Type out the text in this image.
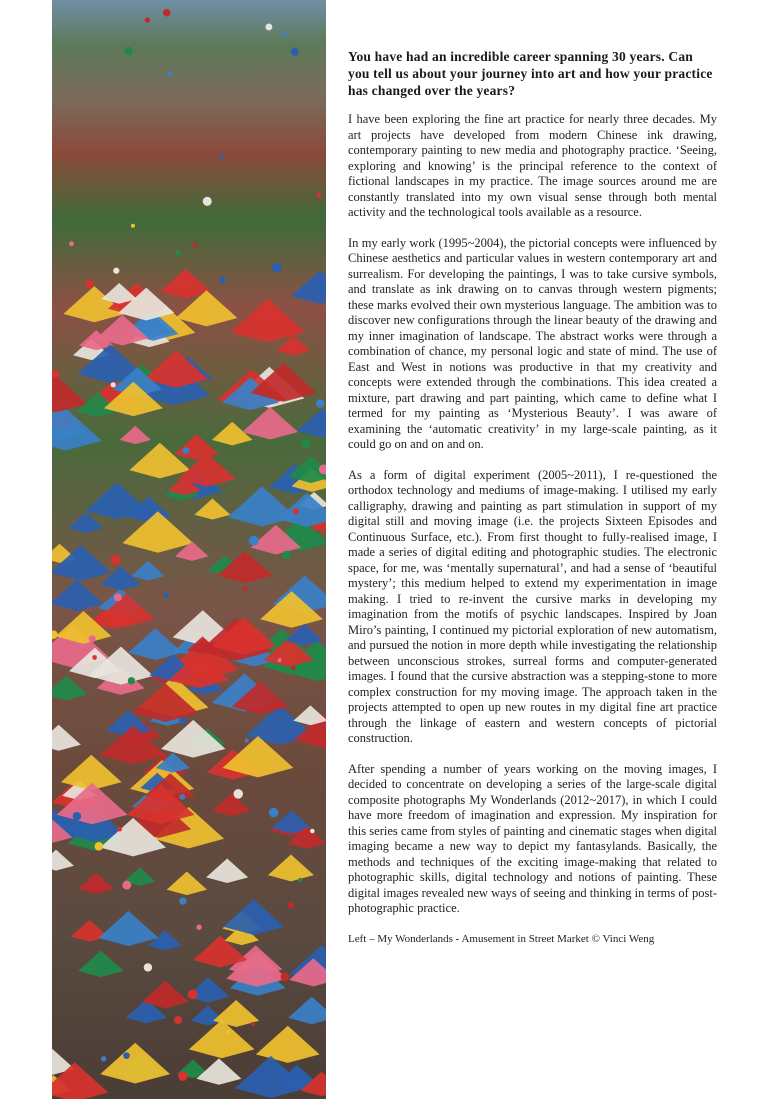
You have had an incredible career spanning 30 years. Can you tell us about your journey into art and how your practice has changed over the years?

I have been exploring the fine art practice for nearly three decades. My art projects have developed from modern Chinese ink drawing, contemporary painting to new media and photography practice. ‘Seeing, exploring and knowing’ is the principal reference to the context of fictional landscapes in my practice. The image sources around me are constantly translated into my own visual sense through both mental activity and the technological tools available as a resource.

In my early work (1995~2004), the pictorial concepts were influenced by Chinese aesthetics and particular values in western contemporary art and surrealism. For developing the paintings, I was to take cursive symbols, and translate as ink drawing on to canvas through western pigments; these marks evolved their own mysterious language. The ambition was to discover new configurations through the linear beauty of the drawing and my inner imagination of landscape. The abstract works were through a combination of chance, my personal logic and state of mind. The use of East and West in notions was productive in that my creativity and concepts were extended through the combinations. This idea created a mixture, part drawing and part painting, which came to define what I termed for my painting as ‘Mysterious Beauty’. I was aware of examining the ‘automatic creativity’ in my large-scale painting, as it could go on and on and on.

As a form of digital experiment (2005~2011), I re-questioned the orthodox technology and mediums of image-making. I utilised my early calligraphy, drawing and painting as part stimulation in support of my digital still and moving image (i.e. the projects Sixteen Episodes and Continuous Surface, etc.). From first thought to fully-realised image, I made a series of digital editing and photographic studies. The electronic space, for me, was ‘mentally supernatural’, and had a sense of ‘beautiful mystery’; this medium helped to extend my experimentation in image making. I tried to re-invent the cursive marks in developing my imagination from the motifs of psychic landscapes. Inspired by Joan Miro’s painting, I continued my pictorial exploration of new automatism, and pursued the notion in more depth while investigating the relationship between unconscious strokes, surreal forms and computer-generated images. I found that the cursive abstraction was a stepping-stone to more complex construction for my moving image. The approach taken in the projects attempted to open up new routes in my digital fine art practice through the linkage of eastern and western concepts of pictorial construction.

After spending a number of years working on the moving images, I decided to concentrate on developing a series of the large-scale digital composite photographs My Wonderlands (2012~2017), in which I could have more freedom of imagination and expression. My inspiration for this series came from styles of painting and cinematic stages when digital imaging became a new way to depict my fantasylands. Basically, the methods and techniques of the exciting image-making that related to photographic skills, digital technology and notions of painting. These digital images revealed new ways of seeing and thinking in terms of post-photographic practice.

Left – My Wonderlands - Amusement in Street Market © Vinci Weng
